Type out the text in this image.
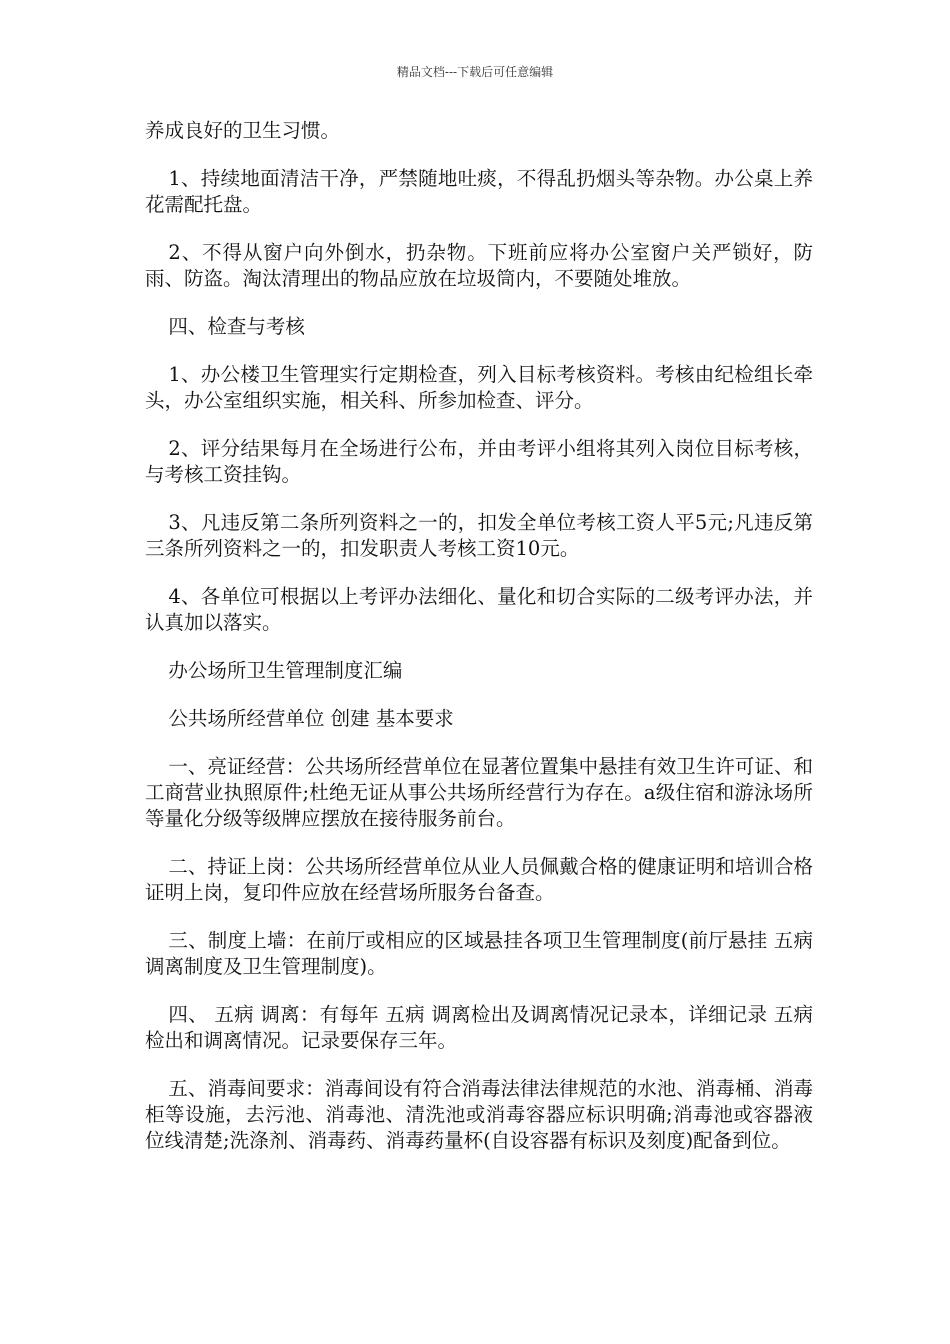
精品文档---下载后可任意编辑

养成良好的卫生习惯。

1、持续地面清洁干净，严禁随地吐痰，不得乱扔烟头等杂物。办公桌上养花需配托盘。

2、不得从窗户向外倒水，扔杂物。下班前应将办公室窗户关严锁好，防雨、防盗。淘汰清理出的物品应放在垃圾筒内，不要随处堆放。

四、检查与考核

1、办公楼卫生管理实行定期检查，列入目标考核资料。考核由纪检组长牵头，办公室组织实施，相关科、所参加检查、评分。

2、评分结果每月在全场进行公布，并由考评小组将其列入岗位目标考核，与考核工资挂钩。

3、凡违反第二条所列资料之一的，扣发全单位考核工资人平5元;凡违反第三条所列资料之一的，扣发职责人考核工资10元。

4、各单位可根据以上考评办法细化、量化和切合实际的二级考评办法，并认真加以落实。

办公场所卫生管理制度汇编

公共场所经营单位 创建 基本要求

一、亮证经营：公共场所经营单位在显著位置集中悬挂有效卫生许可证、和工商营业执照原件;杜绝无证从事公共场所经营行为存在。a级住宿和游泳场所等量化分级等级牌应摆放在接待服务前台。

二、持证上岗：公共场所经营单位从业人员佩戴合格的健康证明和培训合格证明上岗，复印件应放在经营场所服务台备查。

三、制度上墙：在前厅或相应的区域悬挂各项卫生管理制度(前厅悬挂 五病 调离制度及卫生管理制度)。

四、 五病 调离：有每年 五病 调离检出及调离情况记录本，详细记录 五病 检出和调离情况。记录要保存三年。

五、消毒间要求：消毒间设有符合消毒法律法律规范的水池、消毒桶、消毒柜等设施，去污池、消毒池、清洗池或消毒容器应标识明确;消毒池或容器液位线清楚;洗涤剂、消毒药、消毒药量杯(自设容器有标识及刻度)配备到位。
